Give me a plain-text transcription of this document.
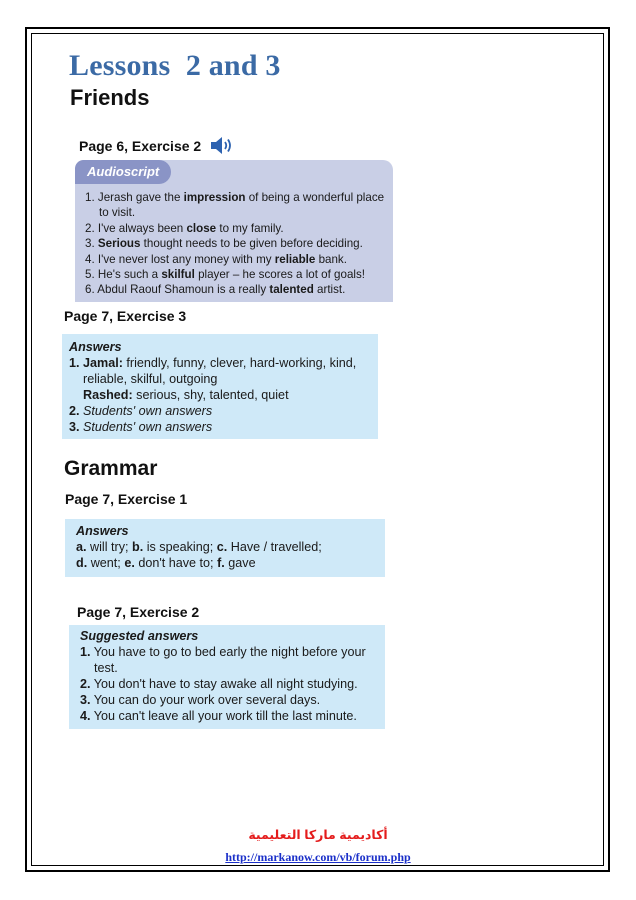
Lessons  2 and 3
Friends
Page 6, Exercise 2
Audioscript
1. Jerash gave the impression of being a wonderful place to visit.
2. I've always been close to my family.
3. Serious thought needs to be given before deciding.
4. I've never lost any money with my reliable bank.
5. He's such a skilful player – he scores a lot of goals!
6. Abdul Raouf Shamoun is a really talented artist.
Page 7, Exercise 3
Answers
1. Jamal: friendly, funny, clever, hard-working, kind, reliable, skilful, outgoing
Rashed: serious, shy, talented, quiet
2. Students' own answers
3. Students' own answers
Grammar
Page 7, Exercise 1
Answers
a. will try; b. is speaking; c. Have / travelled;
d. went; e. don't have to; f. gave
Page 7, Exercise 2
Suggested answers
1. You have to go to bed early the night before your test.
2. You don't have to stay awake all night studying.
3. You can do your work over several days.
4. You can't leave all your work till the last minute.
أكاديمية ماركا التعليمية
http://markanow.com/vb/forum.php
